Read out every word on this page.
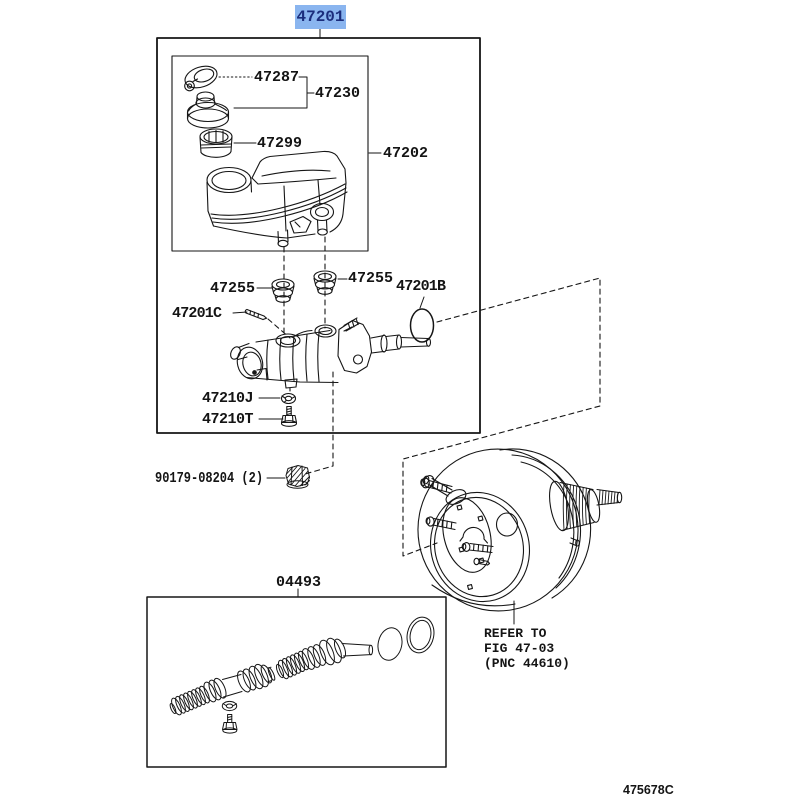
47201
47287
47230
47299
47202
47255
47255 47201B
47201C
47210J
47210T
90179-08204 (2)
04493
REFER TO
FIG 47-03
(PNC 44610)
475678C
